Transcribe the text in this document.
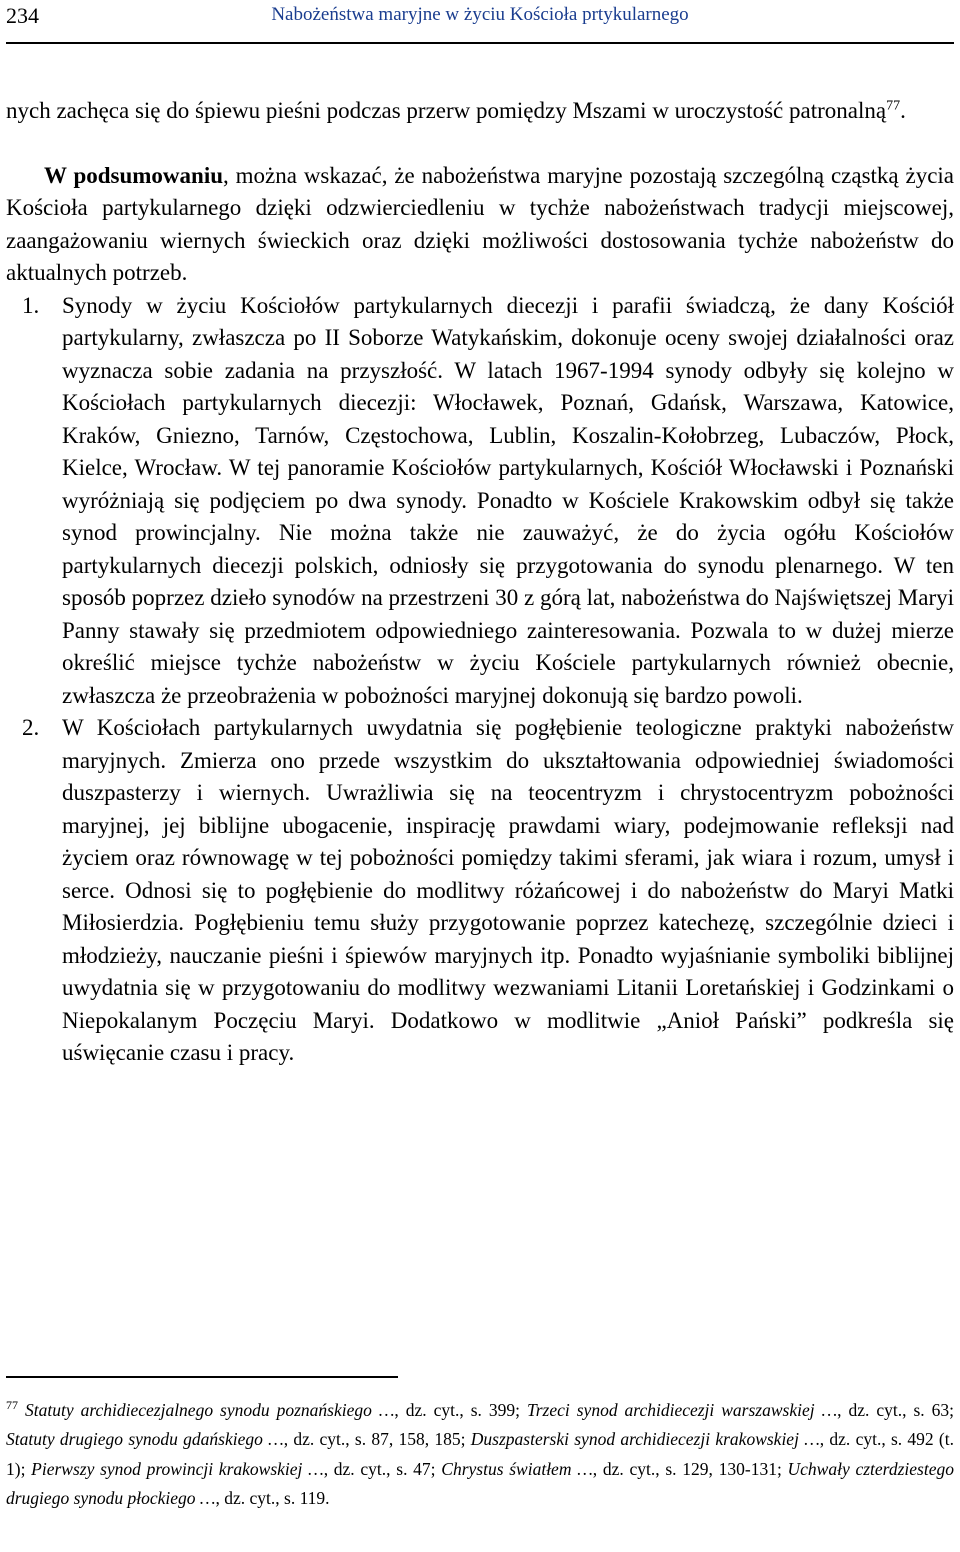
234	Nabożeństwa maryjne w życiu Kościoła prtykularnego

nych zachęca się do śpiewu pieśni podczas przerw pomiędzy Mszami w uroczystość patronalną$^{77}$.

W podsumowaniu, można wskazać, że nabożeństwa maryjne pozostają szczególną cząstką życia Kościoła partykularnego dzięki odzwierciedleniu w tychże nabożeństwach tradycji miejscowej, zaangażowaniu wiernych świeckich oraz dzięki możliwości dostosowania tychże nabożeństw do aktualnych potrzeb.

1. Synody w życiu Kościołów partykularnych diecezji i parafii świadczą, że dany Kościół partykularny, zwłaszcza po II Soborze Watykańskim, dokonuje oceny swojej działalności oraz wyznacza sobie zadania na przyszłość. W latach 1967-1994 synody odbyły się kolejno w Kościołach partykularnych diecezji: Włocławek, Poznań, Gdańsk, Warszawa, Katowice, Kraków, Gniezno, Tarnów, Częstochowa, Lublin, Koszalin-Kołobrzeg, Lubaczów, Płock, Kielce, Wrocław. W tej panoramie Kościołów partykularnych, Kościół Włocławski i Poznański wyróżniają się podjęciem po dwa synody. Ponadto w Kościele Krakowskim odbył się także synod prowincjalny. Nie można także nie zauważyć, że do życia ogółu Kościołów partykularnych diecezji polskich, odniosły się przygotowania do synodu plenarnego. W ten sposób poprzez dzieło synodów na przestrzeni 30 z górą lat, nabożeństwa do Najświętszej Maryi Panny stawały się przedmiotem odpowiedniego zainteresowania. Pozwala to w dużej mierze określić miejsce tychże nabożeństw w życiu Kościele partykularnych również obecnie, zwłaszcza że przeobrażenia w pobożności maryjnej dokonują się bardzo powoli.

2. W Kościołach partykularnych uwydatnia się pogłębienie teologiczne praktyki nabożeństw maryjnych. Zmierza ono przede wszystkim do ukształtowania odpowiedniej świadomości duszpasterzy i wiernych. Uwrażliwia się na teocentryzm i chrystocentryzm pobożności maryjnej, jej biblijne ubogacenie, inspirację prawdami wiary, podejmowanie refleksji nad życiem oraz równowagę w tej pobożności pomiędzy takimi sferami, jak wiara i rozum, umysł i serce. Odnosi się to pogłębienie do modlitwy różańcowej i do nabożeństw do Maryi Matki Miłosierdzia. Pogłębieniu temu służy przygotowanie poprzez katechezę, szczególnie dzieci i młodzieży, nauczanie pieśni i śpiewów maryjnych itp. Ponadto wyjaśnianie symboliki biblijnej uwydatnia się w przygotowaniu do modlitwy wezwaniami Litanii Loretańskiej i Godzinkami o Niepokalanym Poczęciu Maryi. Dodatkowo w modlitwie „Anioł Pański” podkreśla się uświęcanie czasu i pracy.

$^{77}$ Statuty archidiecezjalnego synodu poznańskiego …, dz. cyt., s. 399; Trzeci synod archidiecezji warszawskiej …, dz. cyt., s. 63; Statuty drugiego synodu gdańskiego …, dz. cyt., s. 87, 158, 185; Duszpasterski synod archidiecezji krakowskiej …, dz. cyt., s. 492 (t. 1); Pierwszy synod prowincji krakowskiej …, dz. cyt., s. 47; Chrystus światłem …, dz. cyt., s. 129, 130-131; Uchwały czterdziestego drugiego synodu płockiego …, dz. cyt., s. 119.
